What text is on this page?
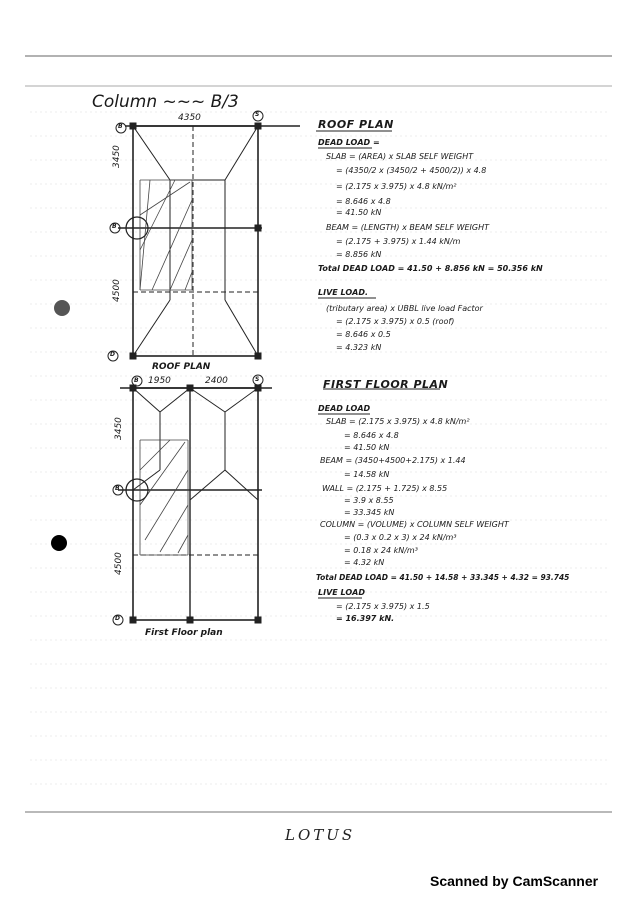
Column ~~~ B/3
4350
3450
4500
B
S
B
D
ROOF PLAN
ROOF PLAN
DEAD LOAD =
SLAB = (AREA) x SLAB SELF WEIGHT
= (4350/2 x (3450/2 + 4500/2)) x 4.8
= (2.175 x 3.975) x 4.8 kN/m²
= 8.646 x 4.8
= 41.50 kN
BEAM = (LENGTH) x BEAM SELF WEIGHT
= (2.175 + 3.975) x 1.44 kN/m
= 8.856 kN
Total DEAD LOAD = 41.50 + 8.856 kN = 50.356 kN
LIVE LOAD.
(tributary area) x UBBL live load Factor
= (2.175 x 3.975) x 0.5 (roof)
= 8.646 x 0.5
= 4.323 kN
1950	2400
3450
4500
B	S
B
D
First Floor plan
FIRST FLOOR PLAN
DEAD LOAD
SLAB = (2.175 x 3.975) x 4.8 kN/m²
= 8.646 x 4.8
= 41.50 kN
BEAM = (3450+4500+2.175) x 1.44
= 14.58 kN
WALL = (2.175 + 1.725) x 8.55
= 3.9 x 8.55
= 33.345 kN
COLUMN = (VOLUME) x COLUMN SELF WEIGHT
= (0.3 x 0.2 x 3) x 24 kN/m³
= 0.18 x 24 kN/m³
= 4.32 kN
Total DEAD LOAD = 41.50 + 14.58 + 33.345 + 4.32 = 93.745
LIVE LOAD
= (2.175 x 3.975) x 1.5
= 16.397 kN.
LOTUS
Scanned by CamScanner
